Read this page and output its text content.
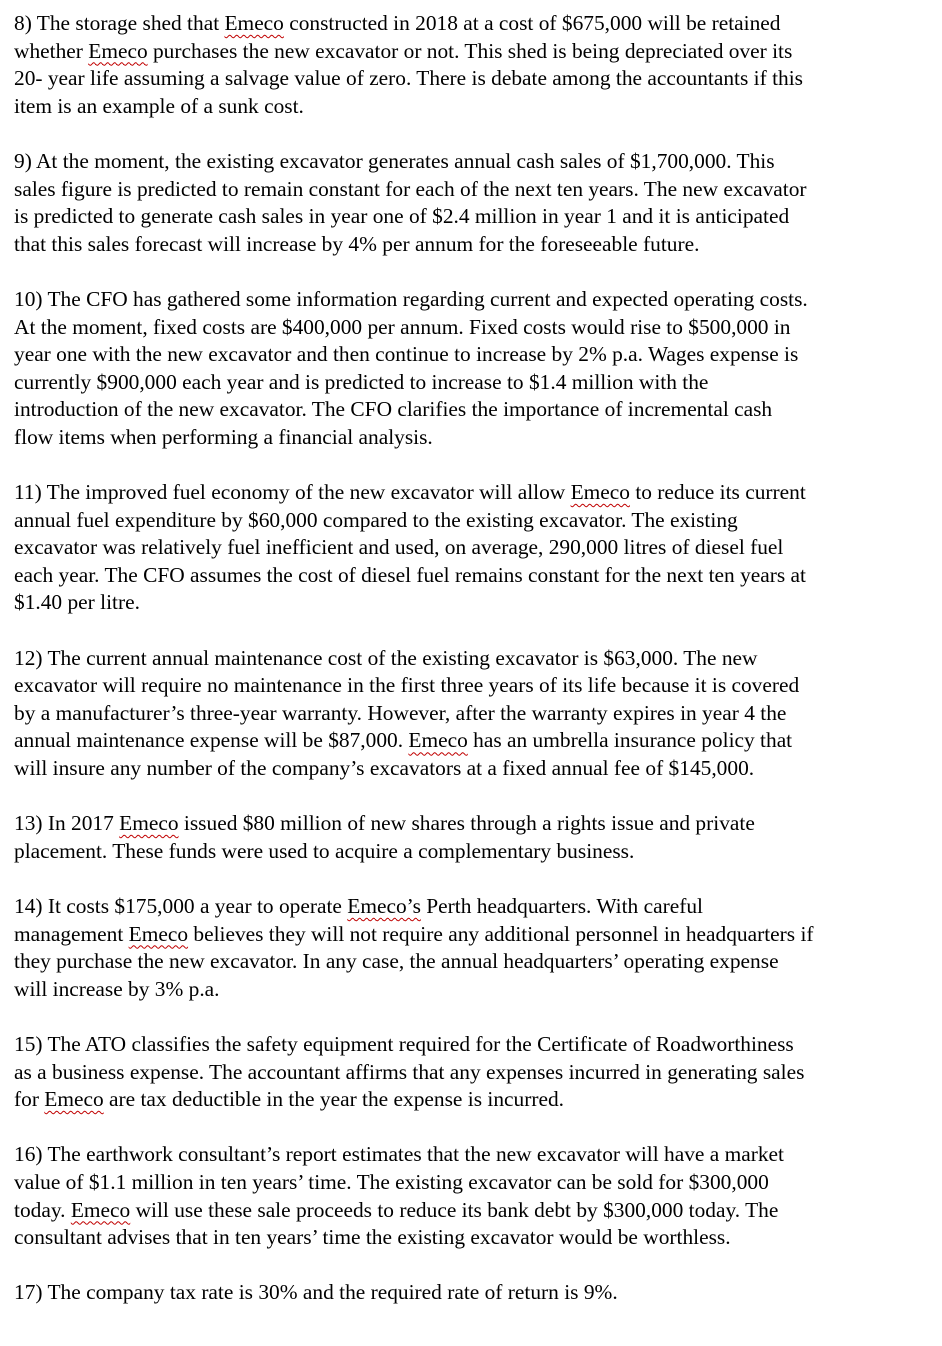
8) The storage shed that Emeco constructed in 2018 at a cost of $675,000 will be retained
whether Emeco purchases the new excavator or not. This shed is being depreciated over its
20- year life assuming a salvage value of zero. There is debate among the accountants if this
item is an example of a sunk cost.

9) At the moment, the existing excavator generates annual cash sales of $1,700,000. This
sales figure is predicted to remain constant for each of the next ten years. The new excavator
is predicted to generate cash sales in year one of $2.4 million in year 1 and it is anticipated
that this sales forecast will increase by 4% per annum for the foreseeable future.

10) The CFO has gathered some information regarding current and expected operating costs.
At the moment, fixed costs are $400,000 per annum. Fixed costs would rise to $500,000 in
year one with the new excavator and then continue to increase by 2% p.a. Wages expense is
currently $900,000 each year and is predicted to increase to $1.4 million with the
introduction of the new excavator. The CFO clarifies the importance of incremental cash
flow items when performing a financial analysis.

11) The improved fuel economy of the new excavator will allow Emeco to reduce its current
annual fuel expenditure by $60,000 compared to the existing excavator. The existing
excavator was relatively fuel inefficient and used, on average, 290,000 litres of diesel fuel
each year. The CFO assumes the cost of diesel fuel remains constant for the next ten years at
$1.40 per litre.

12) The current annual maintenance cost of the existing excavator is $63,000. The new
excavator will require no maintenance in the first three years of its life because it is covered
by a manufacturer’s three-year warranty. However, after the warranty expires in year 4 the
annual maintenance expense will be $87,000. Emeco has an umbrella insurance policy that
will insure any number of the company’s excavators at a fixed annual fee of $145,000.

13) In 2017 Emeco issued $80 million of new shares through a rights issue and private
placement. These funds were used to acquire a complementary business.

14) It costs $175,000 a year to operate Emeco’s Perth headquarters. With careful
management Emeco believes they will not require any additional personnel in headquarters if
they purchase the new excavator. In any case, the annual headquarters’ operating expense
will increase by 3% p.a.

15) The ATO classifies the safety equipment required for the Certificate of Roadworthiness
as a business expense. The accountant affirms that any expenses incurred in generating sales
for Emeco are tax deductible in the year the expense is incurred.

16) The earthwork consultant’s report estimates that the new excavator will have a market
value of $1.1 million in ten years’ time. The existing excavator can be sold for $300,000
today. Emeco will use these sale proceeds to reduce its bank debt by $300,000 today. The
consultant advises that in ten years’ time the existing excavator would be worthless.

17) The company tax rate is 30% and the required rate of return is 9%.
